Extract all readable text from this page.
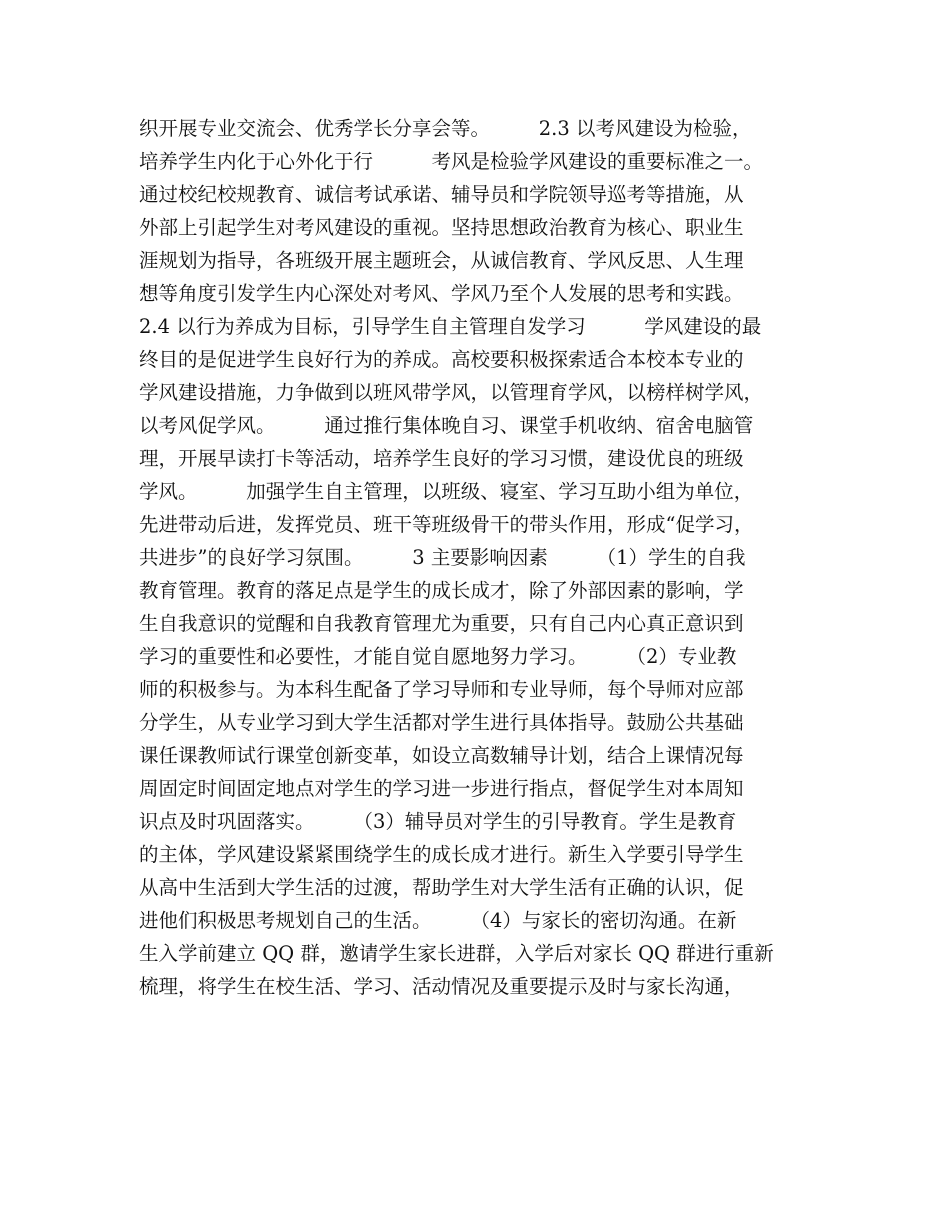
织开展专业交流会、优秀学长分享会等。　　　2.3 以考风建设为检验，
培养学生内化于心外化于行　　　考风是检验学风建设的重要标准之一。
通过校纪校规教育、诚信考试承诺、辅导员和学院领导巡考等措施，从
外部上引起学生对考风建设的重视。坚持思想政治教育为核心、职业生
涯规划为指导，各班级开展主题班会，从诚信教育、学风反思、人生理
想等角度引发学生内心深处对考风、学风乃至个人发展的思考和实践。
2.4 以行为养成为目标，引导学生自主管理自发学习　　　学风建设的最
终目的是促进学生良好行为的养成。高校要积极探索适合本校本专业的
学风建设措施，力争做到以班风带学风，以管理育学风，以榜样树学风，
以考风促学风。　　　通过推行集体晚自习、课堂手机收纳、宿舍电脑管
理，开展早读打卡等活动，培养学生良好的学习习惯，建设优良的班级
学风。　　　加强学生自主管理，以班级、寝室、学习互助小组为单位，
先进带动后进，发挥党员、班干等班级骨干的带头作用，形成“促学习，
共进步”的良好学习氛围。　　　3 主要影响因素　　　（1）学生的自我
教育管理。教育的落足点是学生的成长成才，除了外部因素的影响，学
生自我意识的觉醒和自我教育管理尤为重要，只有自己内心真正意识到
学习的重要性和必要性，才能自觉自愿地努力学习。　　　（2）专业教
师的积极参与。为本科生配备了学习导师和专业导师，每个导师对应部
分学生，从专业学习到大学生活都对学生进行具体指导。鼓励公共基础
课任课教师试行课堂创新变革，如设立高数辅导计划，结合上课情况每
周固定时间固定地点对学生的学习进一步进行指点，督促学生对本周知
识点及时巩固落实。　　　（3）辅导员对学生的引导教育。学生是教育
的主体，学风建设紧紧围绕学生的成长成才进行。新生入学要引导学生
从高中生活到大学生活的过渡，帮助学生对大学生活有正确的认识，促
进他们积极思考规划自己的生活。　　　（4）与家长的密切沟通。在新
生入学前建立 QQ 群，邀请学生家长进群，入学后对家长 QQ 群进行重新
梳理，将学生在校生活、学习、活动情况及重要提示及时与家长沟通，
